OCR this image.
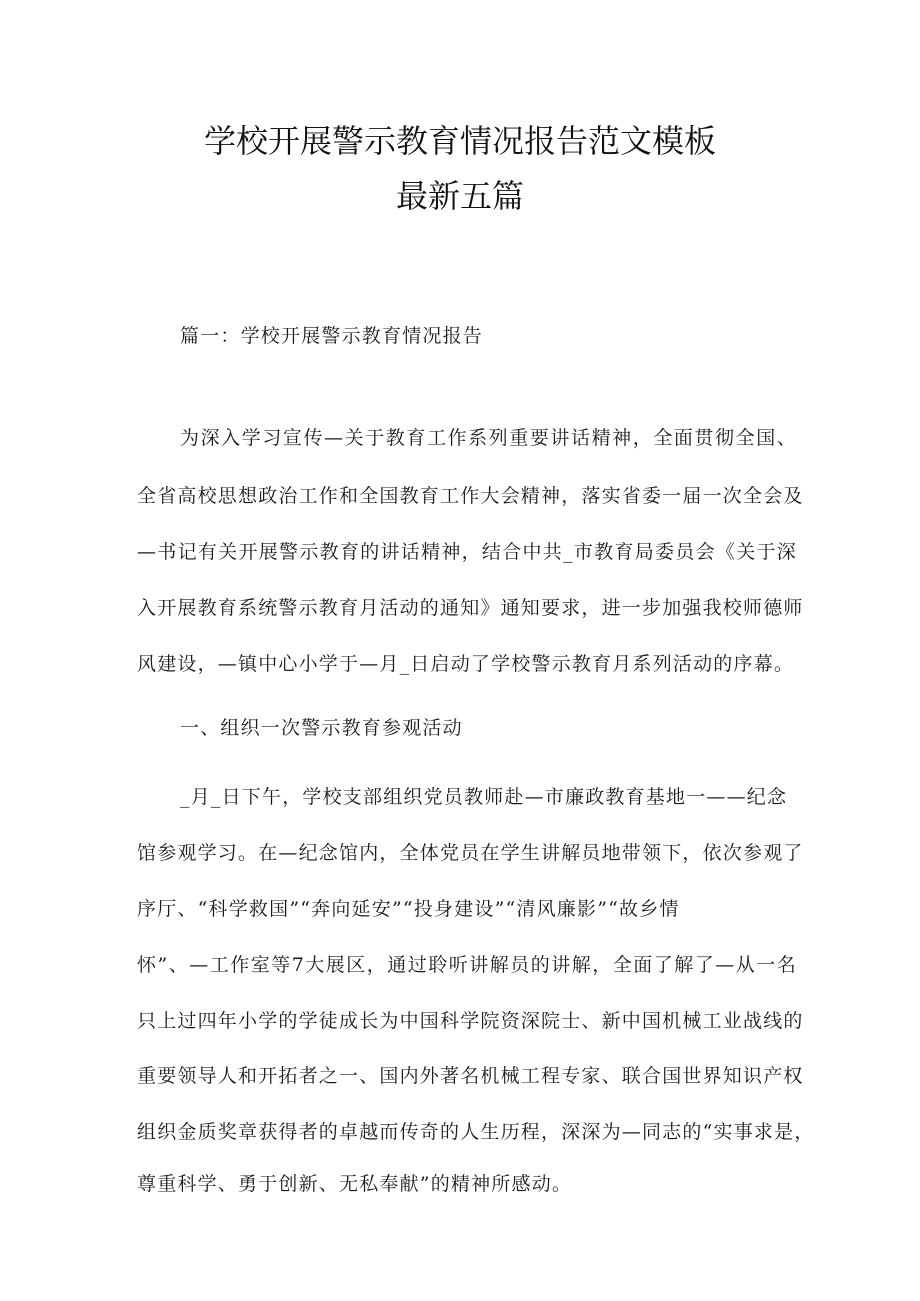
学校开展警示教育情况报告范文模板
最新五篇
篇一：学校开展警示教育情况报告
为深入学习宣传—关于教育工作系列重要讲话精神，全面贯彻全国、
全省高校思想政治工作和全国教育工作大会精神，落实省委一届一次全会及
—书记有关开展警示教育的讲话精神，结合中共_市教育局委员会《关于深
入开展教育系统警示教育月活动的通知》通知要求，进一步加强我校师德师
风建设，—镇中心小学于—月_日启动了学校警示教育月系列活动的序幕。
一、组织一次警示教育参观活动
_月_日下午，学校支部组织党员教师赴—市廉政教育基地一——纪念
馆参观学习。在—纪念馆内，全体党员在学生讲解员地带领下，依次参观了
序厅、“科学救国”“奔向延安”“投身建设”“清风廉影”“故乡情
怀”、—工作室等7大展区，通过聆听讲解员的讲解，全面了解了—从一名
只上过四年小学的学徒成长为中国科学院资深院士、新中国机械工业战线的
重要领导人和开拓者之一、国内外著名机械工程专家、联合国世界知识产权
组织金质奖章获得者的卓越而传奇的人生历程，深深为—同志的“实事求是，
尊重科学、勇于创新、无私奉献”的精神所感动。
